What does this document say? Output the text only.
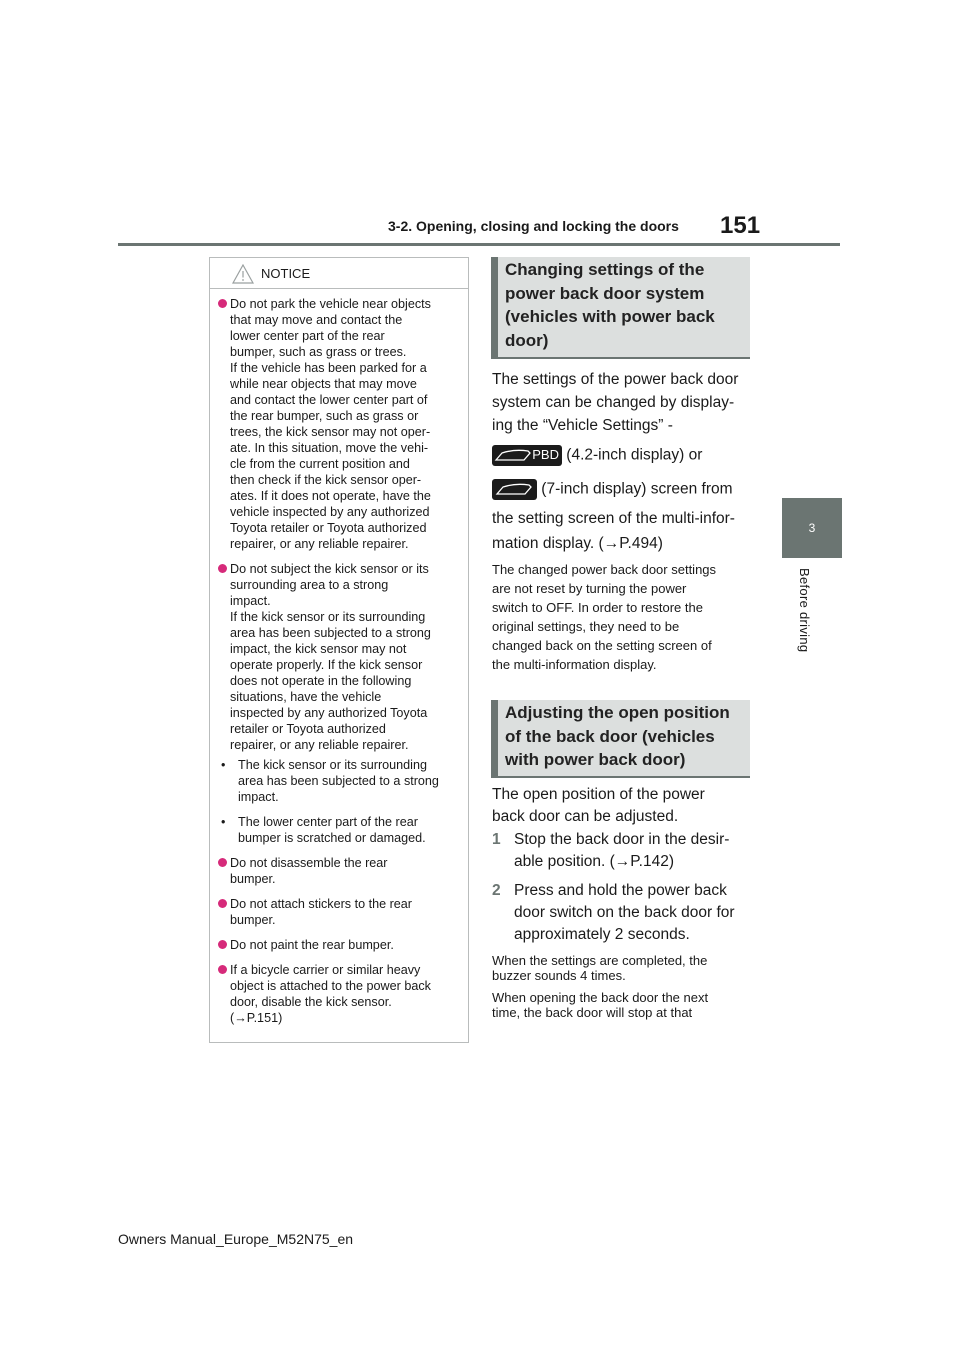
3-2. Opening, closing and locking the doors 151
3
Before driving
NOTICE

Do not park the vehicle near objects

that may move and contact the

lower center part of the rear

bumper, such as grass or trees.

If the vehicle has been parked for a

while near objects that may move

and contact the lower center part of

the rear bumper, such as grass or

trees, the kick sensor may not oper-

ate. In this situation, move the vehi-

cle from the current position and

then check if the kick sensor oper-

ates. If it does not operate, have the

vehicle inspected by any authorized

Toyota retailer or Toyota authorized

repairer, or any reliable repairer.

Do not subject the kick sensor or its

surrounding area to a strong

impact.

If the kick sensor or its surrounding

area has been subjected to a strong

impact, the kick sensor may not

operate properly. If the kick sensor

does not operate in the following

situations, have the vehicle

inspected by any authorized Toyota

retailer or Toyota authorized

repairer, or any reliable repairer.

• The kick sensor or its surrounding

area has been subjected to a strong

impact.

• The lower center part of the rear

bumper is scratched or damaged.

Do not disassemble the rear

bumper.

Do not attach stickers to the rear

bumper.

Do not paint the rear bumper.

If a bicycle carrier or similar heavy

object is attached to the power back

door, disable the kick sensor.

(→P.151)

Changing settings of the
power back door system
(vehicles with power back
door)
The settings of the power back door
system can be changed by display-
ing the “Vehicle Settings” -
PBD (4.2-inch display) or
(7-inch display) screen from
the setting screen of the multi-infor-
mation display. (→P.494)
The changed power back door settings
are not reset by turning the power
switch to OFF. In order to restore the
original settings, they need to be
changed back on the setting screen of
the multi-information display.
Adjusting the open position
of the back door (vehicles
with power back door)
The open position of the power
back door can be adjusted.
1 Stop the back door in the desir-
able position. (→P.142)
2 Press and hold the power back
door switch on the back door for
approximately 2 seconds.
When the settings are completed, the
buzzer sounds 4 times.
When opening the back door the next
time, the back door will stop at that
Owners Manual_Europe_M52N75_en
